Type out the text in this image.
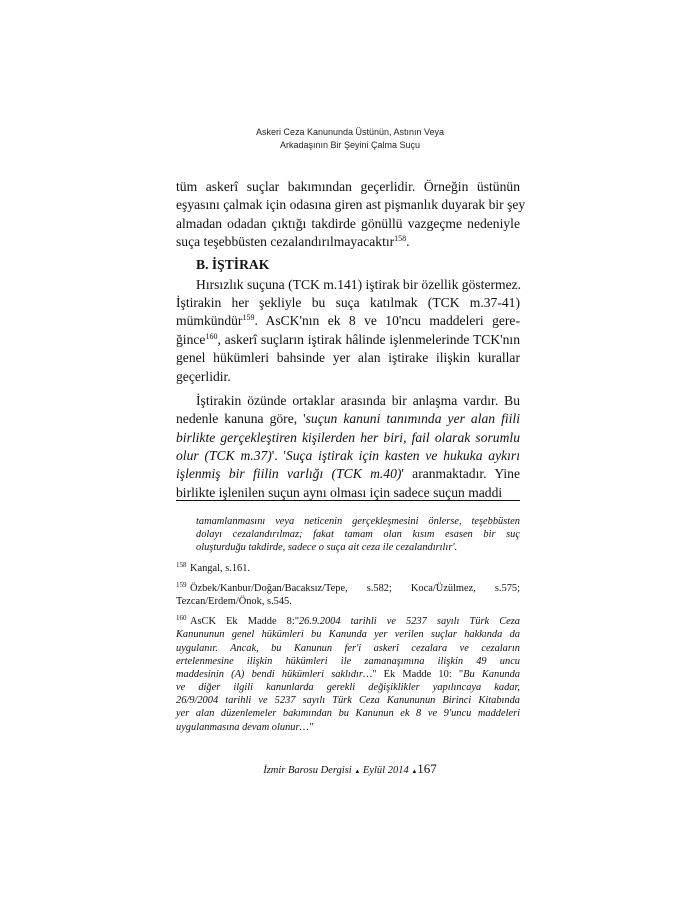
Askeri Ceza Kanununda Üstünün, Astının Veya
Arkadaşının Bir Şeyini Çalma Suçu
tüm askerî suçlar bakımından geçerlidir. Örneğin üstünün
eşyasını çalmak için odasına giren ast pişmanlık duyarak bir şey
almadan odadan çıktığı takdirde gönüllü vazgeçme nedeniyle
suça teşebbüsten cezalandırılmayacaktır$^{158}$.
B. İŞTİRAK
Hırsızlık suçuna (TCK m.141) iştirak bir özellik göstermez.
İştirakin her şekliyle bu suça katılmak (TCK m.37-41)
mümkündür$^{159}$. AsCK'nın ek 8 ve 10'ncu maddeleri gere-
ğince$^{160}$, askerî suçların iştirak hâlinde işlenmelerinde TCK'nın
genel hükümleri bahsinde yer alan iştirake ilişkin kurallar
geçerlidir.
İştirakin özünde ortaklar arasında bir anlaşma vardır. Bu
nedenle kanuna göre, 'suçun kanuni tanımında yer alan fiili
birlikte gerçekleştiren kişilerden her biri, fail olarak sorumlu
olur (TCK m.37)'. 'Suça iştirak için kasten ve hukuka aykırı
işlenmiş bir fiilin varlığı (TCK m.40)' aranmaktadır. Yine
birlikte işlenilen suçun aynı olması için sadece suçun maddi
tamamlanmasını veya neticenin gerçekleşmesini önlerse, teşebbüsten
dolayı cezalandırılmaz; fakat tamam olan kısım esasen bir suç
oluşturduğu takdirde, sadece o suça ait ceza ile cezalandırılır'.
158 Kangal, s.161.
159 Özbek/Kanbur/Doğan/Bacaksız/Tepe, s.582; Koca/Üzülmez, s.575;
Tezcan/Erdem/Önok, s.545.
160 AsCK Ek Madde 8:"26.9.2004 tarihli ve 5237 sayılı Türk Ceza
Kanununun genel hükümleri bu Kanunda yer verilen suçlar hakkında da
uygulanır. Ancak, bu Kanunun fer'i askerî cezalara ve cezaların
ertelenmesine ilişkin hükümleri ile zamanaşımına ilişkin 49 uncu
maddesinin (A) bendi hükümleri saklıdır…" Ek Madde 10: "Bu Kanunda
ve diğer ilgili kanunlarda gerekli değişiklikler yapılıncaya kadar,
26/9/2004 tarihli ve 5237 sayılı Türk Ceza Kanununun Birinci Kitabında
yer alan düzenlemeler bakımından bu Kanunun ek 8 ve 9'uncu maddeleri
uygulanmasına devam olunur…"
İzmir Barosu Dergisi ▲ Eylül 2014 ▲167
